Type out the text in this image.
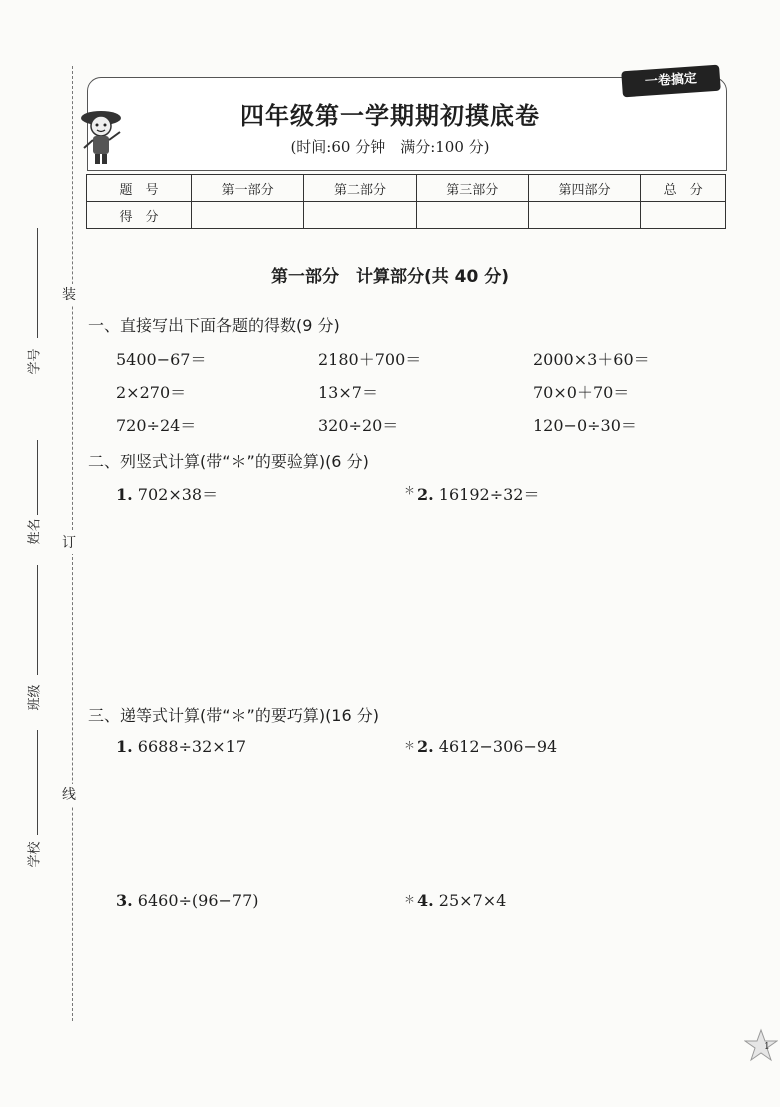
装
订
线
学号
姓名
班级
学校
一卷搞定
四年级第一学期期初摸底卷
(时间:60 分钟　满分:100 分)
题　号	第一部分	第二部分	第三部分	第四部分	总　分
得　分					
第一部分　计算部分(共 40 分)
一、直接写出下面各题的得数(9 分)
5400−67＝	2180＋700＝	2000×3＋60＝
2×270＝	13×7＝	70×0＋70＝
720÷24＝	320÷20＝	120−0÷30＝
二、列竖式计算(带“＊”的要验算)(6 分)
1. 702×38＝	＊ 2. 16192÷32＝
三、递等式计算(带“＊”的要巧算)(16 分)
1. 6688÷32×17	＊ 2. 4612−306−94
3. 6460÷(96−77)	＊ 4. 25×7×4
1
